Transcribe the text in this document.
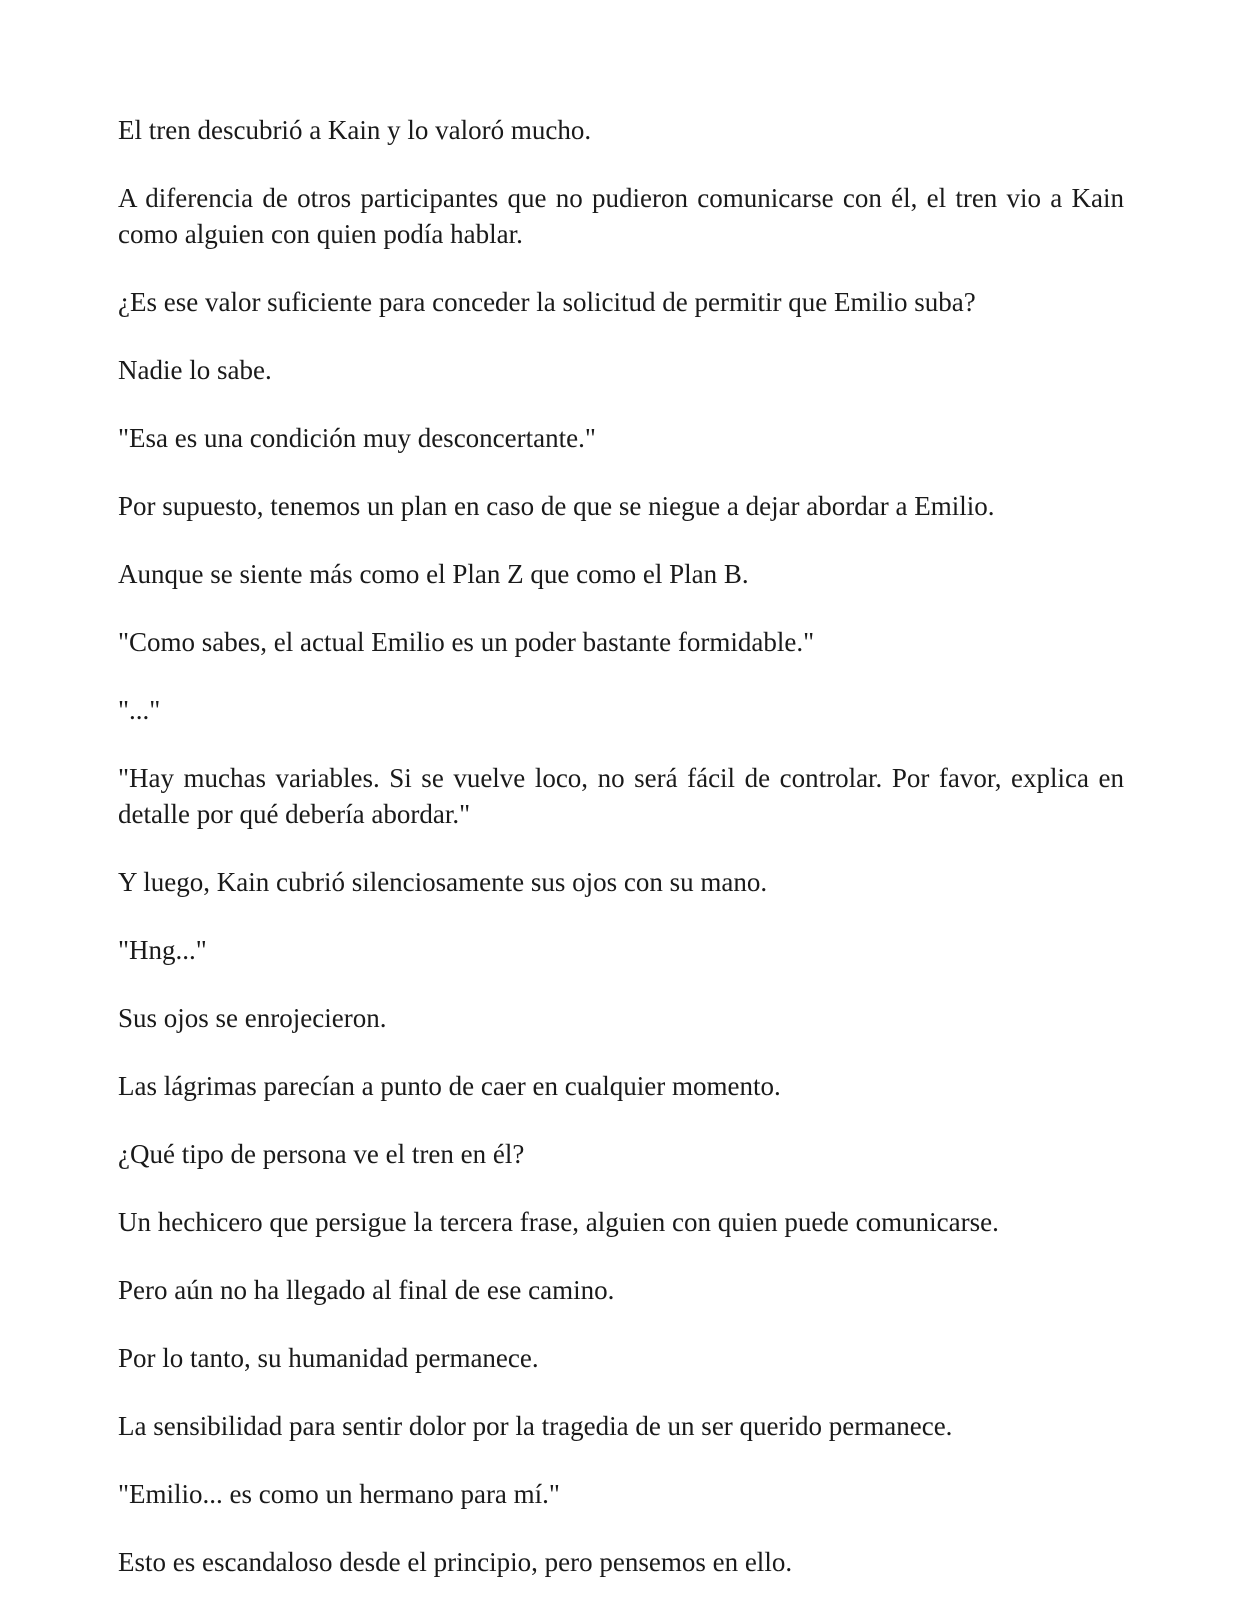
El tren descubrió a Kain y lo valoró mucho.

A diferencia de otros participantes que no pudieron comunicarse con él, el tren vio a Kain como alguien con quien podía hablar.

¿Es ese valor suficiente para conceder la solicitud de permitir que Emilio suba?

Nadie lo sabe.

"Esa es una condición muy desconcertante."

Por supuesto, tenemos un plan en caso de que se niegue a dejar abordar a Emilio.

Aunque se siente más como el Plan Z que como el Plan B.

"Como sabes, el actual Emilio es un poder bastante formidable."

"..."

"Hay muchas variables. Si se vuelve loco, no será fácil de controlar. Por favor, explica en detalle por qué debería abordar."

Y luego, Kain cubrió silenciosamente sus ojos con su mano.

"Hng..."

Sus ojos se enrojecieron.

Las lágrimas parecían a punto de caer en cualquier momento.

¿Qué tipo de persona ve el tren en él?

Un hechicero que persigue la tercera frase, alguien con quien puede comunicarse.

Pero aún no ha llegado al final de ese camino.

Por lo tanto, su humanidad permanece.

La sensibilidad para sentir dolor por la tragedia de un ser querido permanece.

"Emilio... es como un hermano para mí."

Esto es escandaloso desde el principio, pero pensemos en ello.
